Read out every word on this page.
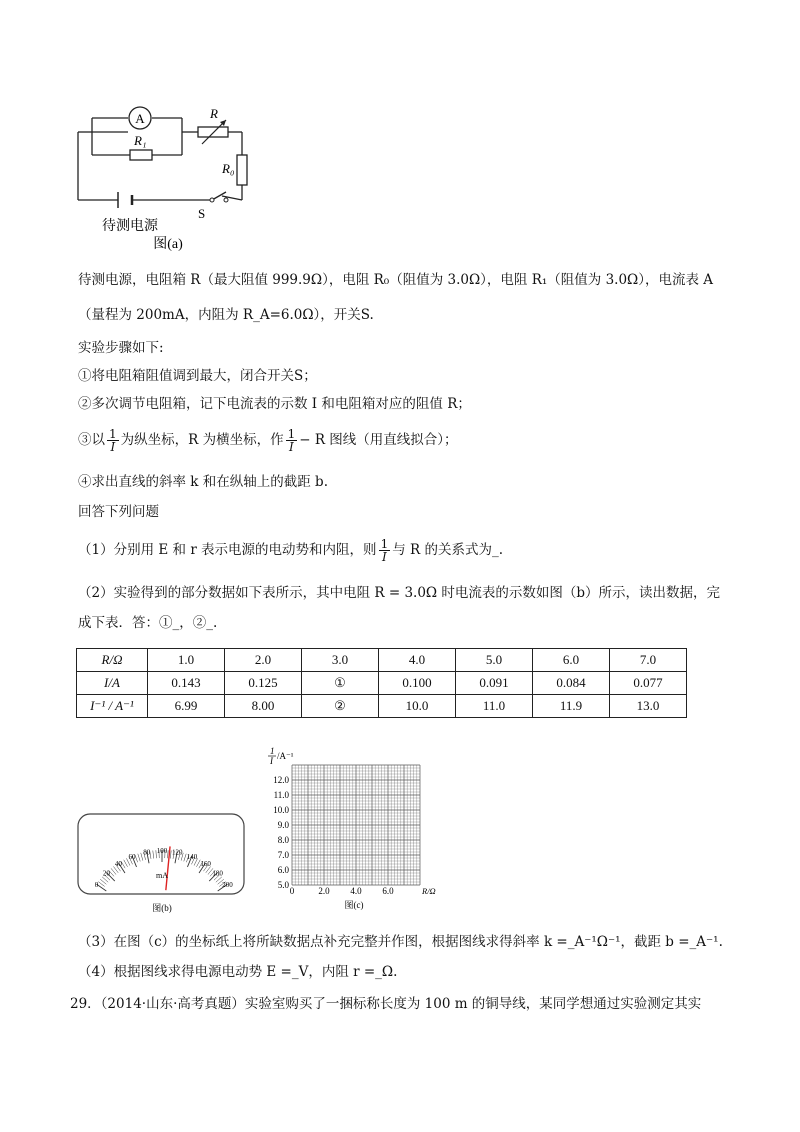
A
R₁
R
R₀
S
待测电源
图(a)
待测电源，电阻箱 R（最大阻值 999.9Ω），电阻 R₀（阻值为 3.0Ω），电阻 R₁（阻值为 3.0Ω），电流表 A
（量程为 200mA，内阻为 R_A=6.0Ω），开关S.
实验步骤如下:
①将电阻箱阻值调到最大，闭合开关S；
②多次调节电阻箱，记下电流表的示数 I 和电阻箱对应的阻值 R；
③以 $\frac{1}{I}$ 为纵坐标，R 为横坐标，作 $\frac{1}{I} - R$ 图线（用直线拟合）；
④求出直线的斜率 k 和在纵轴上的截距 b.
回答下列问题
（1）分别用 E 和 r 表示电源的电动势和内阻，则 $\frac{1}{I}$ 与 R 的关系式为_.
（2）实验得到的部分数据如下表所示，其中电阻 R = 3.0Ω 时电流表的示数如图（b）所示，读出数据，完
成下表．答：①_，②_.
R/Ω	1.0	2.0	3.0	4.0	5.0	6.0	7.0
I/A	0.143	0.125	①	0.100	0.091	0.084	0.077
I⁻¹ / A⁻¹	6.99	8.00	②	10.0	11.0	11.9	13.0
0
20
40
60
80 100 120
140
160
180
200
mA
图(b)
1
I /A⁻¹
12.0
11.0
10.0
9.0
8.0
7.0
6.0
5.0
2.0 4.0 6.0
0	R/Ω
图(c)
（3）在图（c）的坐标纸上将所缺数据点补充完整并作图，根据图线求得斜率 k =_A⁻¹Ω⁻¹，截距 b =_A⁻¹.
（4）根据图线求得电源电动势 E =_V，内阻 r =_Ω.
29．（2014·山东·高考真题）实验室购买了一捆标称长度为 100 m 的铜导线，某同学想通过实验测定其实
